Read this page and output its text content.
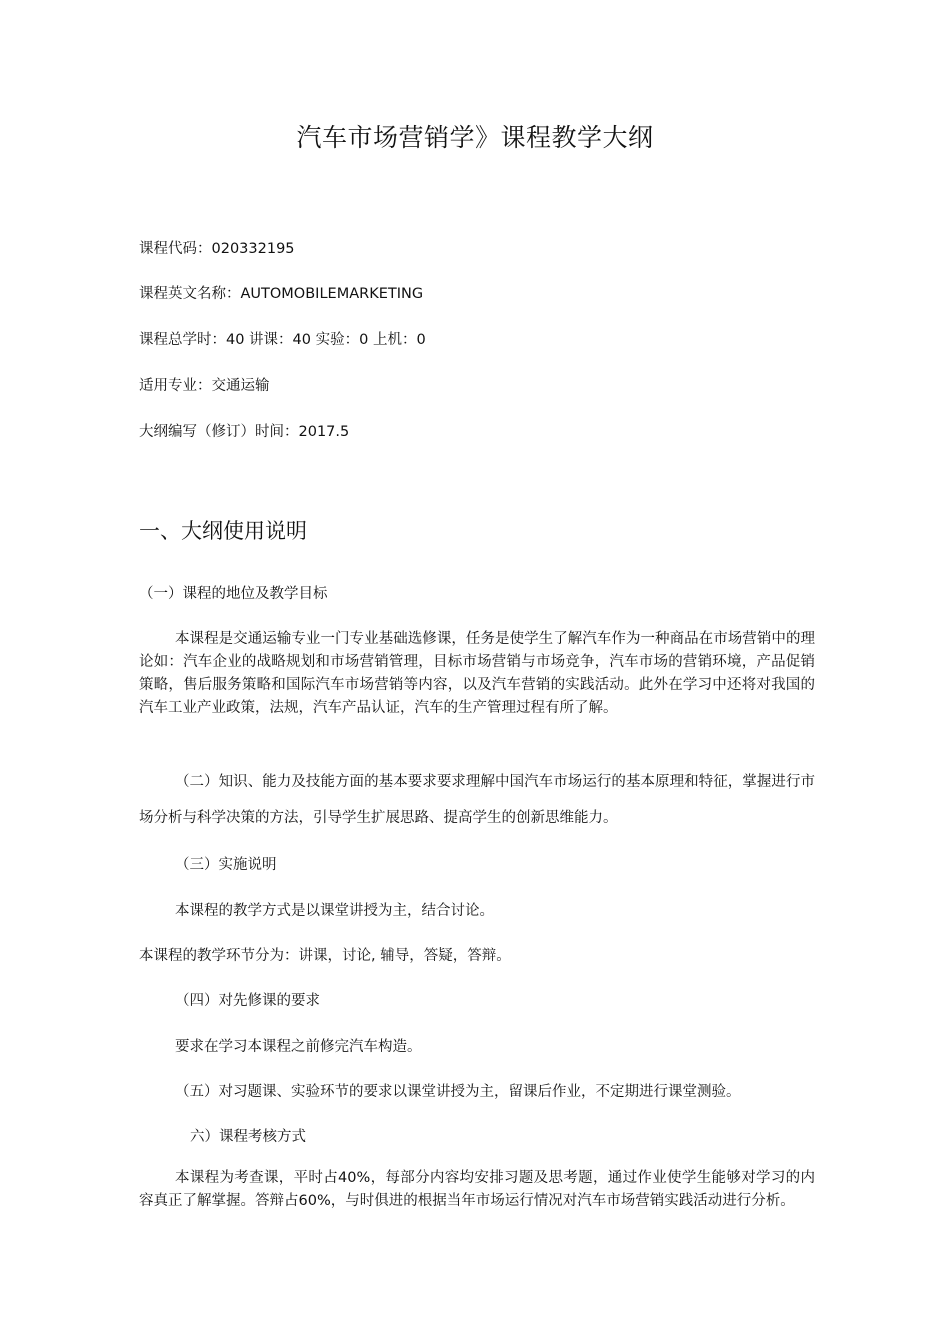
汽车市场营销学》课程教学大纲
课程代码：020332195
课程英文名称：AUTOMOBILEMARKETING
课程总学时：40 讲课：40 实验：0 上机：0
适用专业：交通运输
大纲编写（修订）时间：2017.5
一、大纲使用说明
（一）课程的地位及教学目标
本课程是交通运输专业一门专业基础选修课，任务是使学生了解汽车作为一种商品在市场营销中的理论如：汽车企业的战略规划和市场营销管理，目标市场营销与市场竞争，汽车市场的营销环境，产品促销策略，售后服务策略和国际汽车市场营销等内容，以及汽车营销的实践活动。此外在学习中还将对我国的汽车工业产业政策，法规，汽车产品认证，汽车的生产管理过程有所了解。
（二）知识、能力及技能方面的基本要求要求理解中国汽车市场运行的基本原理和特征，掌握进行市场分析与科学决策的方法，引导学生扩展思路、提高学生的创新思维能力。
（三）实施说明
本课程的教学方式是以课堂讲授为主，结合讨论。
本课程的教学环节分为：讲课，讨论, 辅导，答疑，答辩。
（四）对先修课的要求
要求在学习本课程之前修完汽车构造。
（五）对习题课、实验环节的要求以课堂讲授为主，留课后作业，不定期进行课堂测验。
六）课程考核方式
本课程为考查课，平时占40%，每部分内容均安排习题及思考题，通过作业使学生能够对学习的内容真正了解掌握。答辩占60%，与时俱进的根据当年市场运行情况对汽车市场营销实践活动进行分析。
